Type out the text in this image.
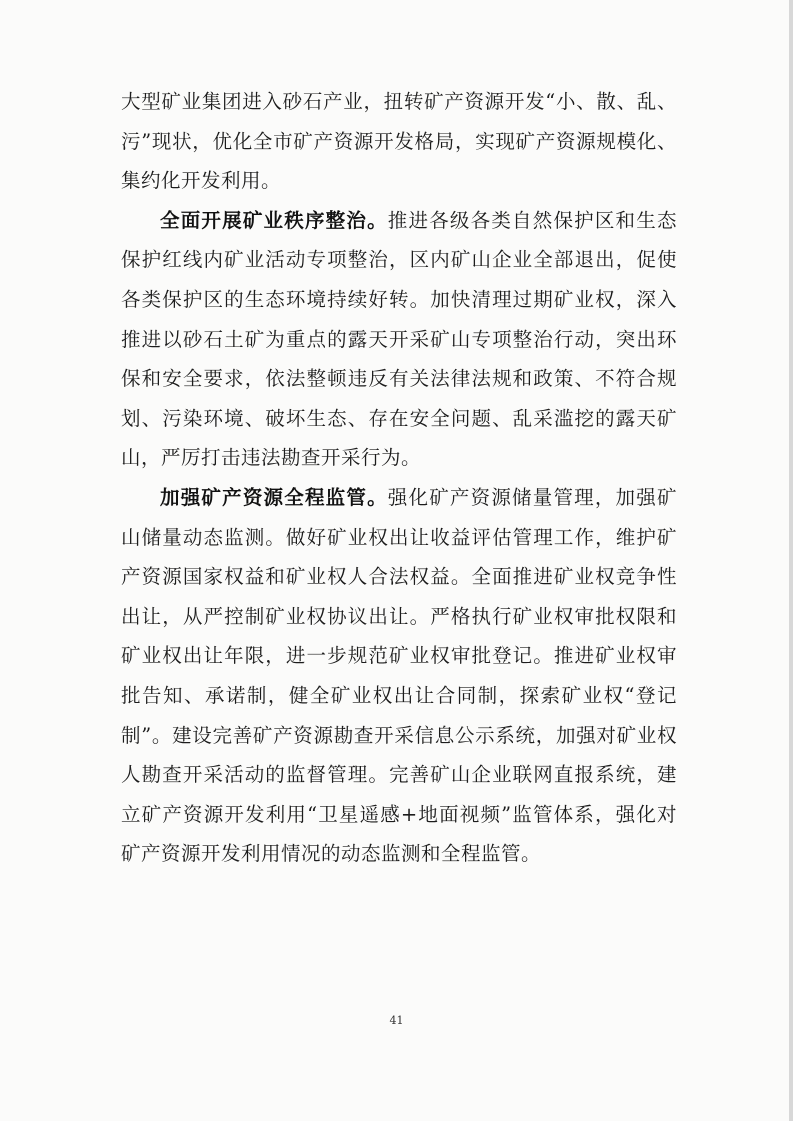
大型矿业集团进入砂石产业，扭转矿产资源开发“小、散、乱、污”现状，优化全市矿产资源开发格局，实现矿产资源规模化、集约化开发利用。

全面开展矿业秩序整治。推进各级各类自然保护区和生态保护红线内矿业活动专项整治，区内矿山企业全部退出，促使各类保护区的生态环境持续好转。加快清理过期矿业权，深入推进以砂石土矿为重点的露天开采矿山专项整治行动，突出环保和安全要求，依法整顿违反有关法律法规和政策、不符合规划、污染环境、破坏生态、存在安全问题、乱采滥挖的露天矿山，严厉打击违法勘查开采行为。

加强矿产资源全程监管。强化矿产资源储量管理，加强矿山储量动态监测。做好矿业权出让收益评估管理工作，维护矿产资源国家权益和矿业权人合法权益。全面推进矿业权竞争性出让，从严控制矿业权协议出让。严格执行矿业权审批权限和矿业权出让年限，进一步规范矿业权审批登记。推进矿业权审批告知、承诺制，健全矿业权出让合同制，探索矿业权“登记制”。建设完善矿产资源勘查开采信息公示系统，加强对矿业权人勘查开采活动的监督管理。完善矿山企业联网直报系统，建立矿产资源开发利用“卫星遥感+地面视频”监管体系，强化对矿产资源开发利用情况的动态监测和全程监管。

41
